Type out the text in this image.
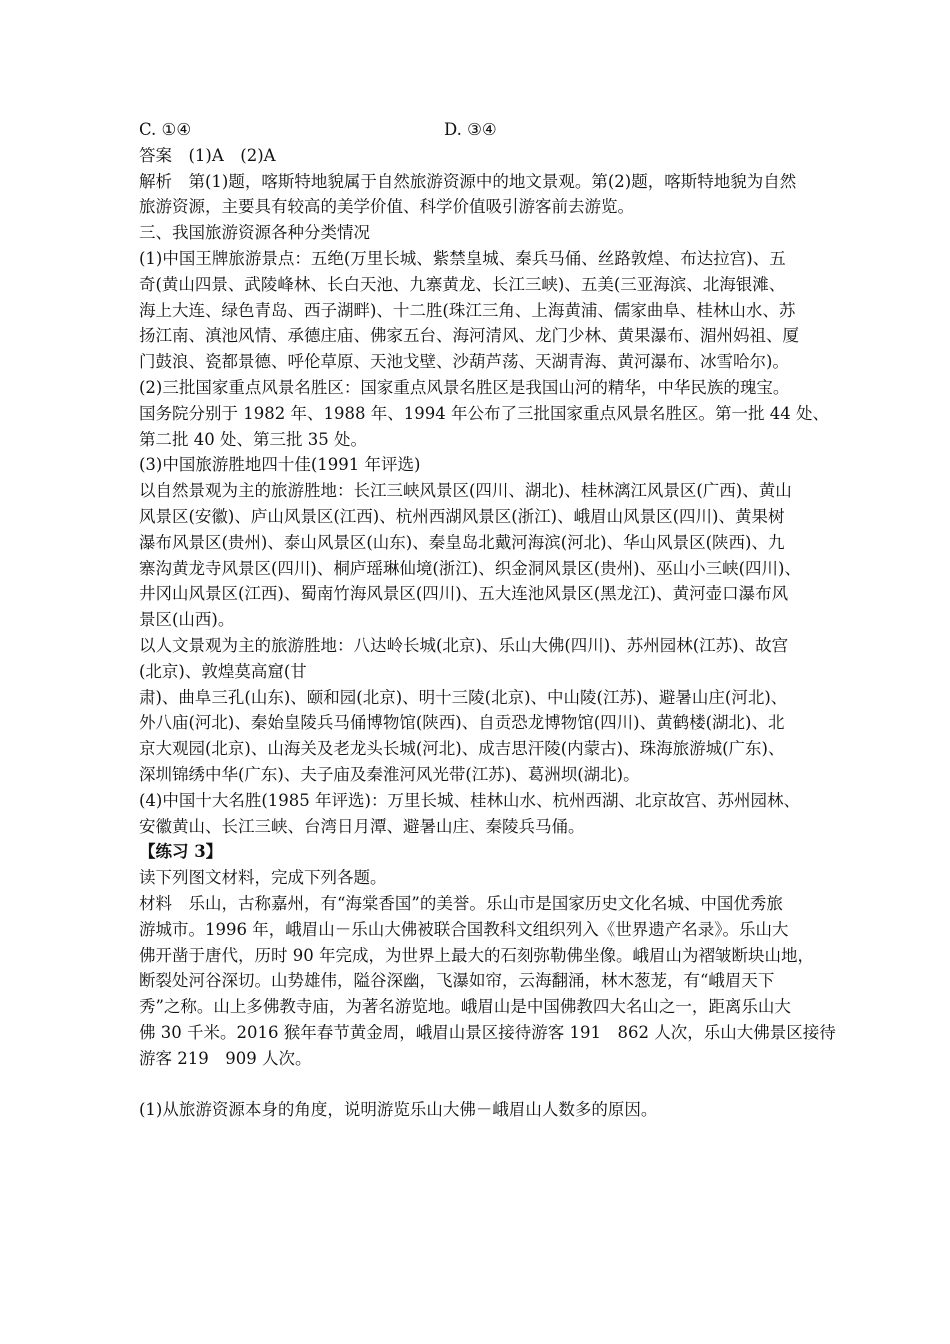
C. ①④	D. ③④
答案　(1)A　(2)A
解析　第(1)题，喀斯特地貌属于自然旅游资源中的地文景观。第(2)题，喀斯特地貌为自然
旅游资源，主要具有较高的美学价值、科学价值吸引游客前去游览。
三、我国旅游资源各种分类情况
(1)中国王牌旅游景点：五绝(万里长城、紫禁皇城、秦兵马俑、丝路敦煌、布达拉宫)、五
奇(黄山四景、武陵峰林、长白天池、九寨黄龙、长江三峡)、五美(三亚海滨、北海银滩、
海上大连、绿色青岛、西子湖畔)、十二胜(珠江三角、上海黄浦、儒家曲阜、桂林山水、苏
扬江南、滇池风情、承德庄庙、佛家五台、海河清风、龙门少林、黄果瀑布、湄州妈祖、厦
门鼓浪、瓷都景德、呼伦草原、天池戈壁、沙葫芦荡、天湖青海、黄河瀑布、冰雪哈尔)。
(2)三批国家重点风景名胜区：国家重点风景名胜区是我国山河的精华，中华民族的瑰宝。
国务院分别于 1982 年、1988 年、1994 年公布了三批国家重点风景名胜区。第一批 44 处、
第二批 40 处、第三批 35 处。
(3)中国旅游胜地四十佳(1991 年评选)
以自然景观为主的旅游胜地：长江三峡风景区(四川、湖北)、桂林漓江风景区(广西)、黄山
风景区(安徽)、庐山风景区(江西)、杭州西湖风景区(浙江)、峨眉山风景区(四川)、黄果树
瀑布风景区(贵州)、泰山风景区(山东)、秦皇岛北戴河海滨(河北)、华山风景区(陕西)、九
寨沟黄龙寺风景区(四川)、桐庐瑶琳仙境(浙江)、织金洞风景区(贵州)、巫山小三峡(四川)、
井冈山风景区(江西)、蜀南竹海风景区(四川)、五大连池风景区(黑龙江)、黄河壶口瀑布风
景区(山西)。
以人文景观为主的旅游胜地：八达岭长城(北京)、乐山大佛(四川)、苏州园林(江苏)、故宫
(北京)、敦煌莫高窟(甘
肃)、曲阜三孔(山东)、颐和园(北京)、明十三陵(北京)、中山陵(江苏)、避暑山庄(河北)、
外八庙(河北)、秦始皇陵兵马俑博物馆(陕西)、自贡恐龙博物馆(四川)、黄鹤楼(湖北)、北
京大观园(北京)、山海关及老龙头长城(河北)、成吉思汗陵(内蒙古)、珠海旅游城(广东)、
深圳锦绣中华(广东)、夫子庙及秦淮河风光带(江苏)、葛洲坝(湖北)。
(4)中国十大名胜(1985 年评选)：万里长城、桂林山水、杭州西湖、北京故宫、苏州园林、
安徽黄山、长江三峡、台湾日月潭、避暑山庄、秦陵兵马俑。
【练习 3】
读下列图文材料，完成下列各题。
材料　乐山，古称嘉州，有“海棠香国”的美誉。乐山市是国家历史文化名城、中国优秀旅
游城市。1996 年，峨眉山－乐山大佛被联合国教科文组织列入《世界遗产名录》。乐山大
佛开凿于唐代，历时 90 年完成，为世界上最大的石刻弥勒佛坐像。峨眉山为褶皱断块山地，
断裂处河谷深切。山势雄伟，隘谷深幽，飞瀑如帘，云海翻涌，林木葱茏，有“峨眉天下
秀”之称。山上多佛教寺庙，为著名游览地。峨眉山是中国佛教四大名山之一，距离乐山大
佛 30 千米。2016 猴年春节黄金周，峨眉山景区接待游客 191　862 人次，乐山大佛景区接待
游客 219　909 人次。
(1)从旅游资源本身的角度，说明游览乐山大佛－峨眉山人数多的原因。
